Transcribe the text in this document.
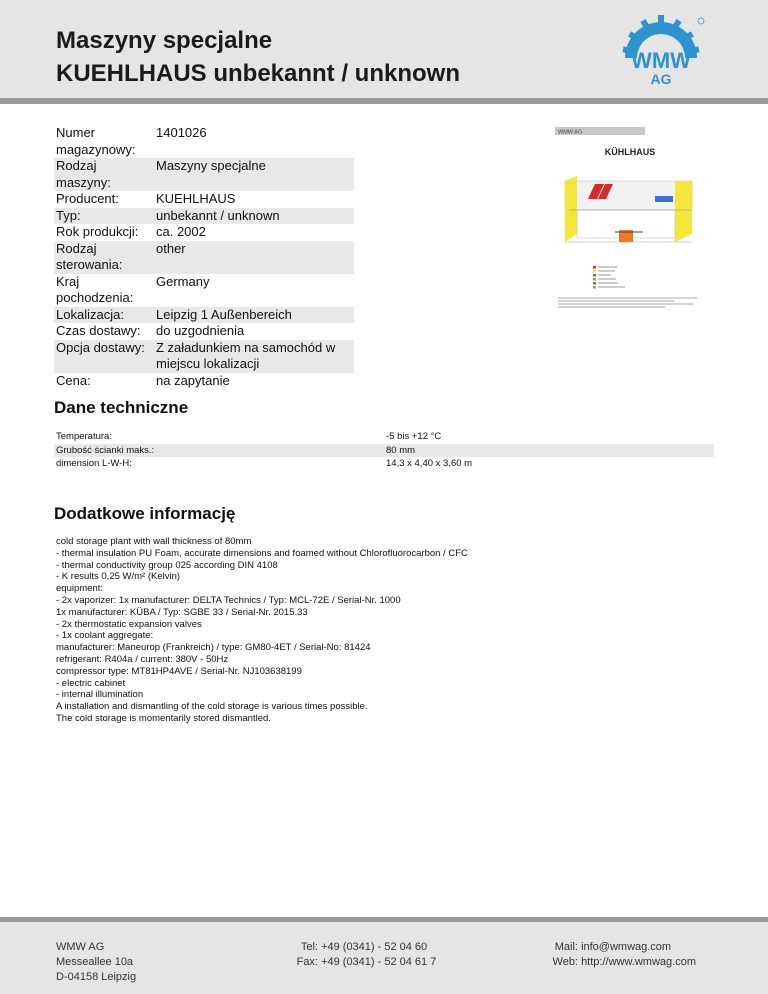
Maszyny specjalne
KUEHLHAUS unbekannt / unknown	WMW
AG
Numer magazynowy:	1401026
Rodzaj maszyny:	Maszyny specjalne
Producent:	KUEHLHAUS
Typ:	unbekannt / unknown
Rok produkcji:	ca. 2002
Rodzaj sterowania:	other
Kraj pochodzenia:	Germany
Lokalizacja:	Leipzig 1 Außenbereich
Czas dostawy:	do uzgodnienia
Opcja dostawy:	Z załadunkiem na samochód w miejscu lokalizacji
Cena:	na zapytanie
WMW AG
KÜHLHAUS
Dane techniczne
Temperatura:	-5 bis +12 °C
Grubość ścianki maks.:	80 mm
dimension L-W-H:	14,3 x 4,40 x 3,60 m
Dodatkowe informację
cold storage plant with wall thickness of 80mm
- thermal insulation PU Foam, accurate dimensions and foamed without Chlorofluorocarbon / CFC
- thermal conductivity group 025 according DIN 4108
- K results 0,25 W/m² (Kelvin)
equipment:
- 2x vaporizer: 1x manufacturer: DELTA Technics / Typ: MCL-72E / Serial-Nr. 1000
1x manufacturer: KÜBA / Typ: SGBE 33 / Serial-Nr. 2015.33
- 2x thermostatic expansion valves
- 1x coolant aggregate:
manufacturer: Maneurop (Frankreich) / type: GM80-4ET / Serial-No: 81424
refrigerant: R404a / current: 380V - 50Hz
compressor type: MT81HP4AVE / Serial-Nr. NJ103638199
- electric cabinet
- internal illumination
A installation and dismantling of the cold storage is various times possible.
The cold storage is momentarily stored dismantled.
WMW AG
Messeallee 10a
D-04158 Leipzig
Tel: +49 (0341) - 52 04 60
Fax: +49 (0341) - 52 04 61 7
Mail: info@wmwag.com
Web: http://www.wmwag.com
